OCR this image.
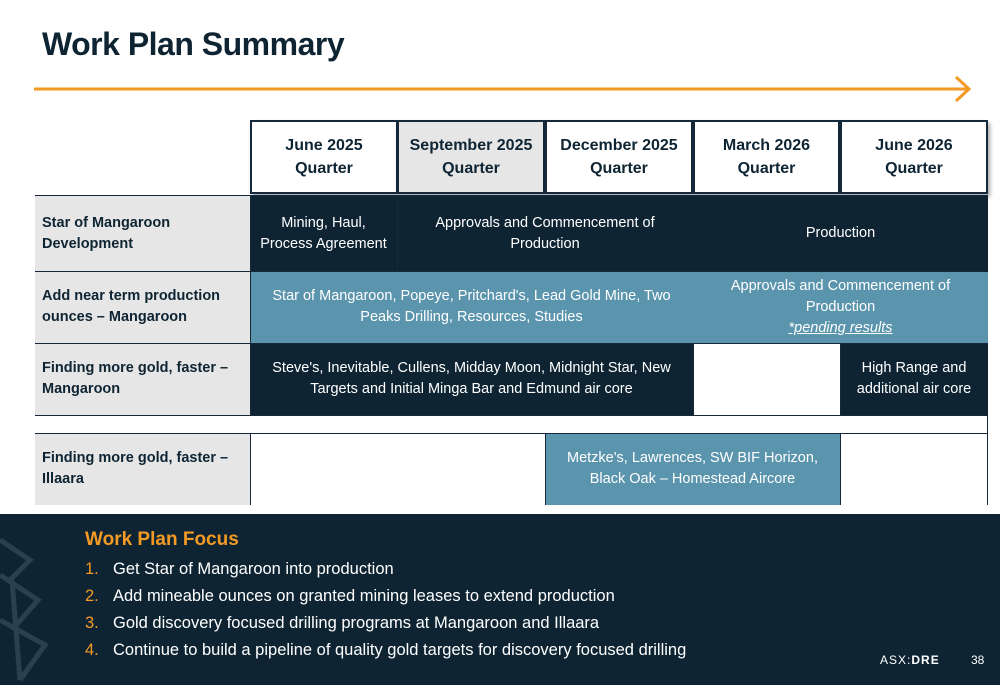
Work Plan Summary
June 2025 Quarter
September 2025 Quarter
December 2025 Quarter
March 2026 Quarter
June 2026 Quarter
Star of Mangaroon Development
Mining, Haul, Process Agreement
Approvals and Commencement of Production
Production
Add near term production ounces – Mangaroon
Star of Mangaroon, Popeye, Pritchard's, Lead Gold Mine, Two Peaks Drilling, Resources, Studies
Approvals and Commencement of Production
*pending results
Finding more gold, faster – Mangaroon
Steve's, Inevitable, Cullens, Midday Moon, Midnight Star, New Targets and Initial Minga Bar and Edmund air core
High Range and additional air core
Finding more gold, faster – Illaara
Metzke's, Lawrences, SW BIF Horizon, Black Oak – Homestead Aircore
Work Plan Focus
1. Get Star of Mangaroon into production
2. Add mineable ounces on granted mining leases to extend production
3. Gold discovery focused drilling programs at Mangaroon and Illaara
4. Continue to build a pipeline of quality gold targets for discovery focused drilling
ASX:DRE	38
